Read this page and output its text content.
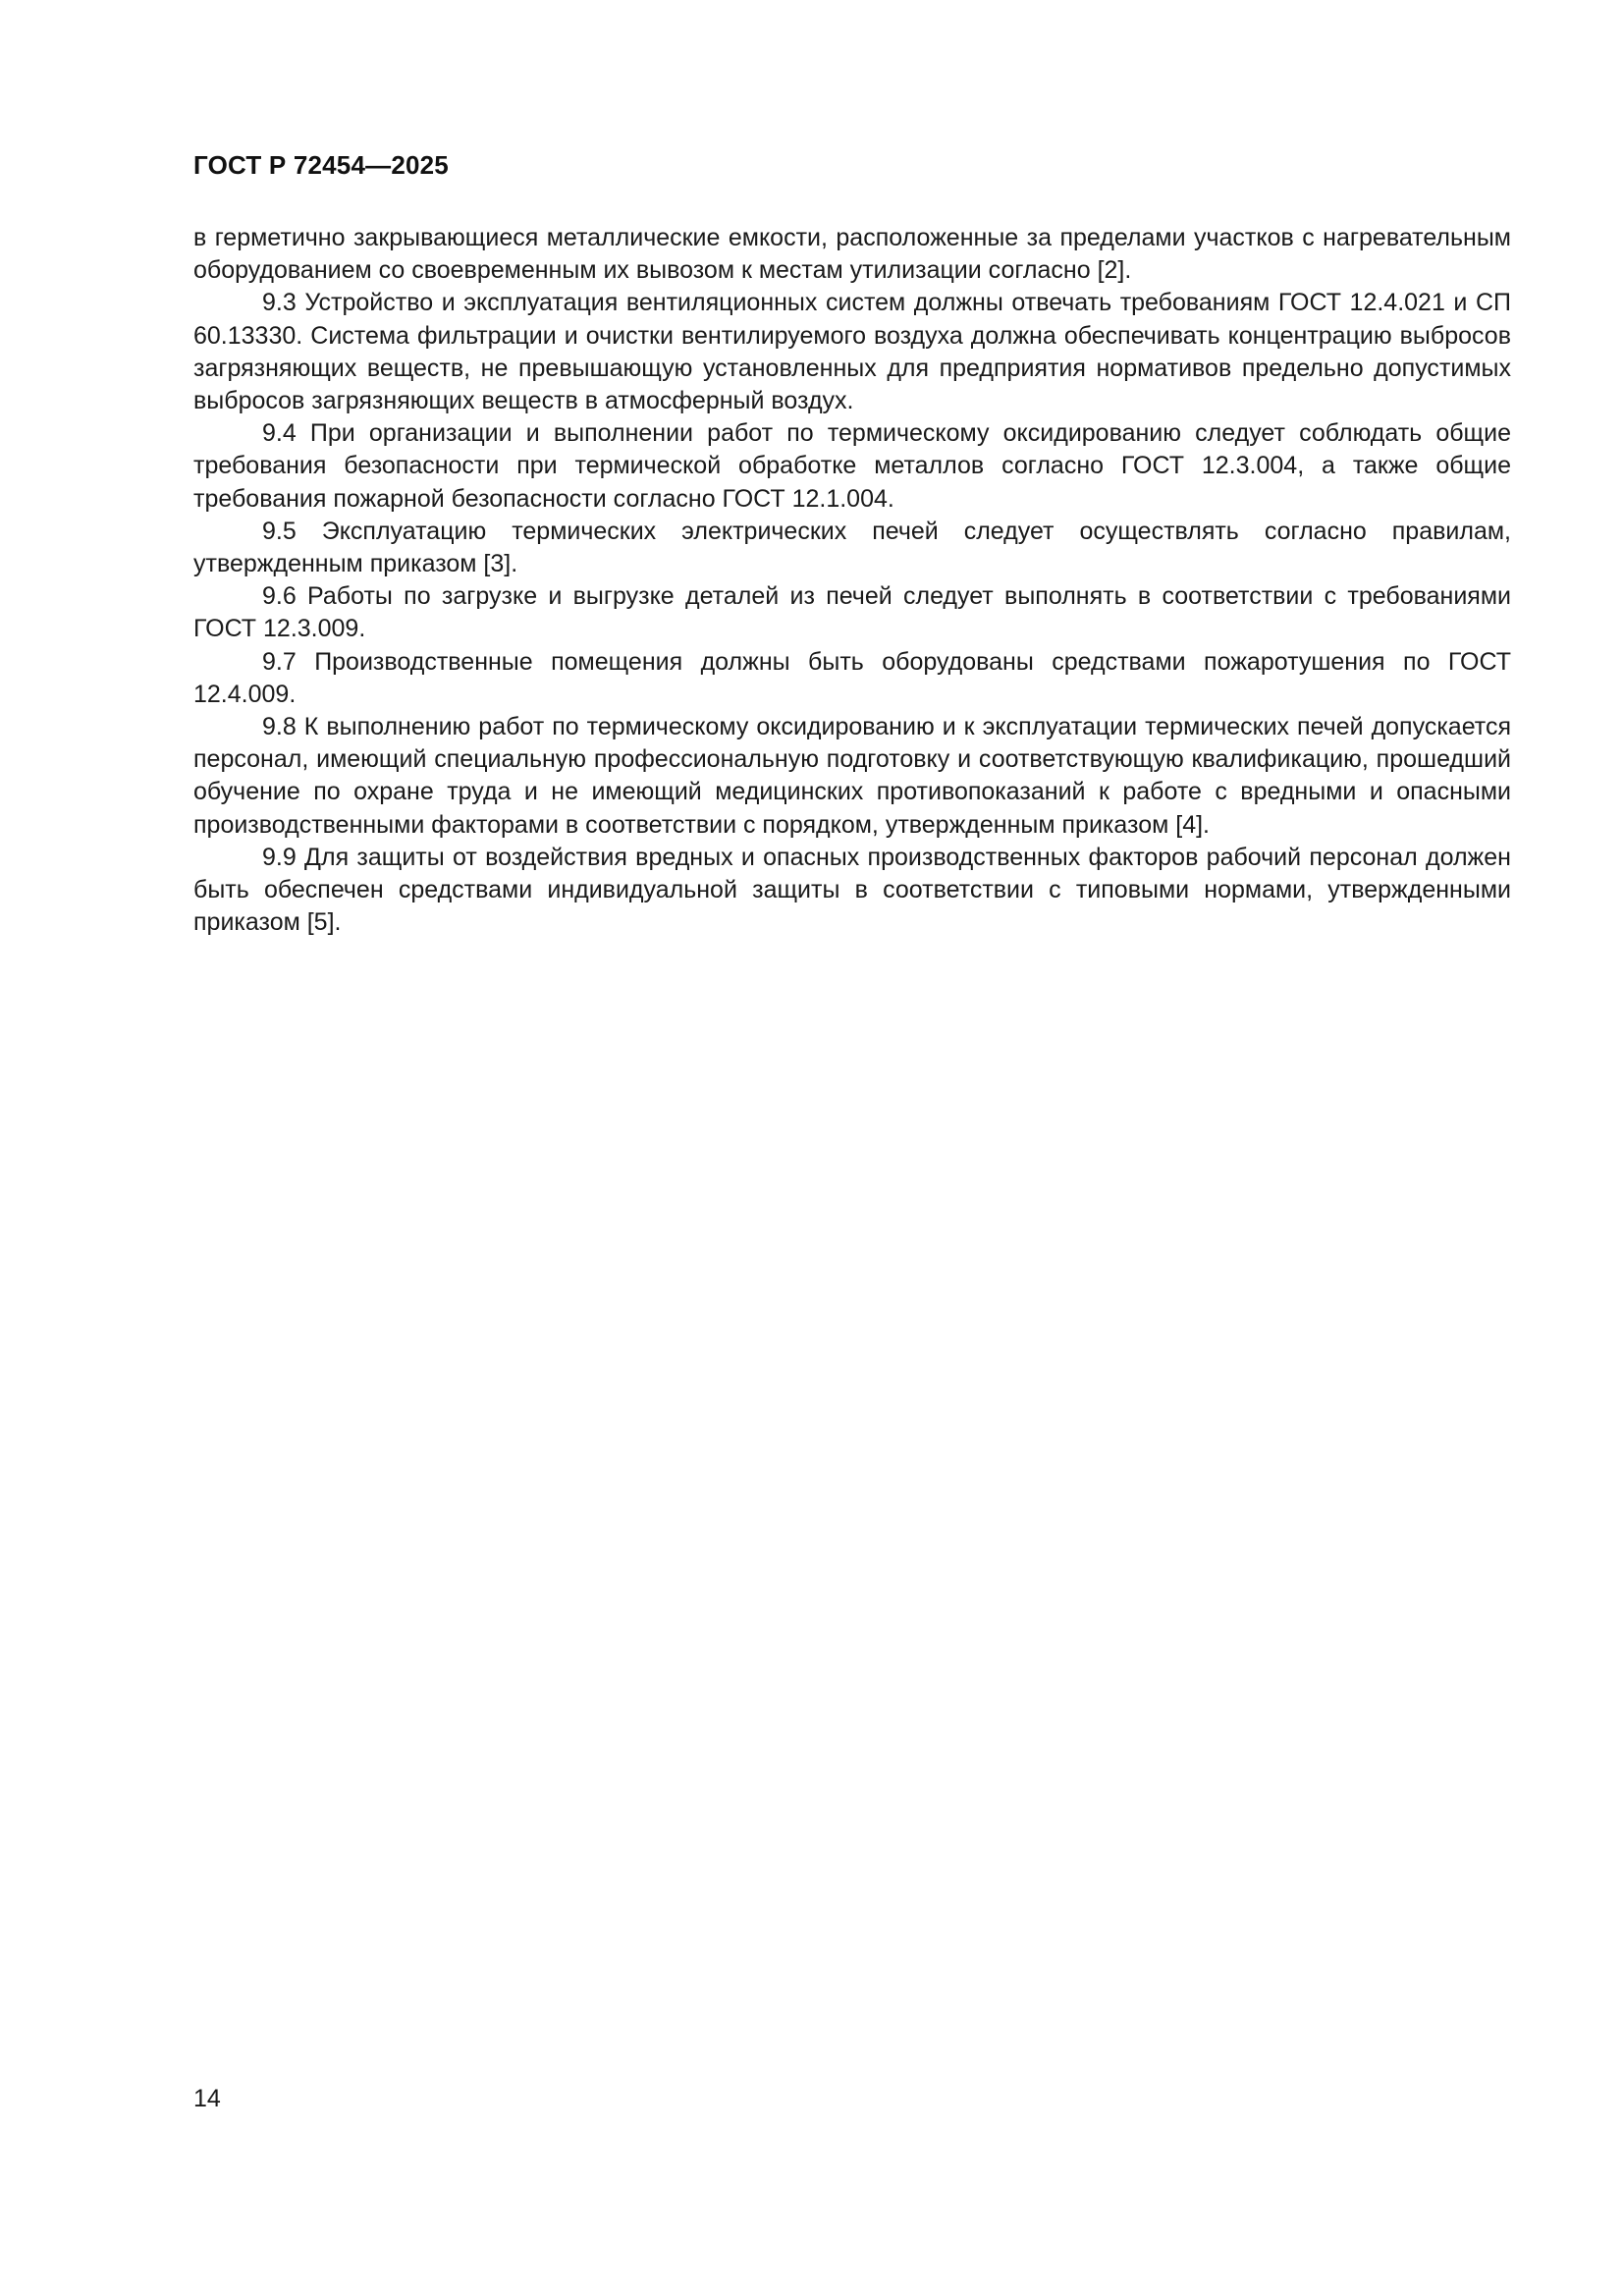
ГОСТ Р 72454—2025

в герметично закрывающиеся металлические емкости, расположенные за пределами участков с нагревательным оборудованием со своевременным их вывозом к местам утилизации согласно [2].

9.3 Устройство и эксплуатация вентиляционных систем должны отвечать требованиям ГОСТ 12.4.021 и СП 60.13330. Система фильтрации и очистки вентилируемого воздуха должна обеспечивать концентрацию выбросов загрязняющих веществ, не превышающую установленных для предприятия нормативов предельно допустимых выбросов загрязняющих веществ в атмосферный воздух.

9.4 При организации и выполнении работ по термическому оксидированию следует соблюдать общие требования безопасности при термической обработке металлов согласно ГОСТ 12.3.004, а также общие требования пожарной безопасности согласно ГОСТ 12.1.004.

9.5 Эксплуатацию термических электрических печей следует осуществлять согласно правилам, утвержденным приказом [3].

9.6 Работы по загрузке и выгрузке деталей из печей следует выполнять в соответствии с требованиями ГОСТ 12.3.009.

9.7 Производственные помещения должны быть оборудованы средствами пожаротушения по ГОСТ 12.4.009.

9.8 К выполнению работ по термическому оксидированию и к эксплуатации термических печей допускается персонал, имеющий специальную профессиональную подготовку и соответствующую квалификацию, прошедший обучение по охране труда и не имеющий медицинских противопоказаний к работе с вредными и опасными производственными факторами в соответствии с порядком, утвержденным приказом [4].

9.9 Для защиты от воздействия вредных и опасных производственных факторов рабочий персонал должен быть обеспечен средствами индивидуальной защиты в соответствии с типовыми нормами, утвержденными приказом [5].

14
